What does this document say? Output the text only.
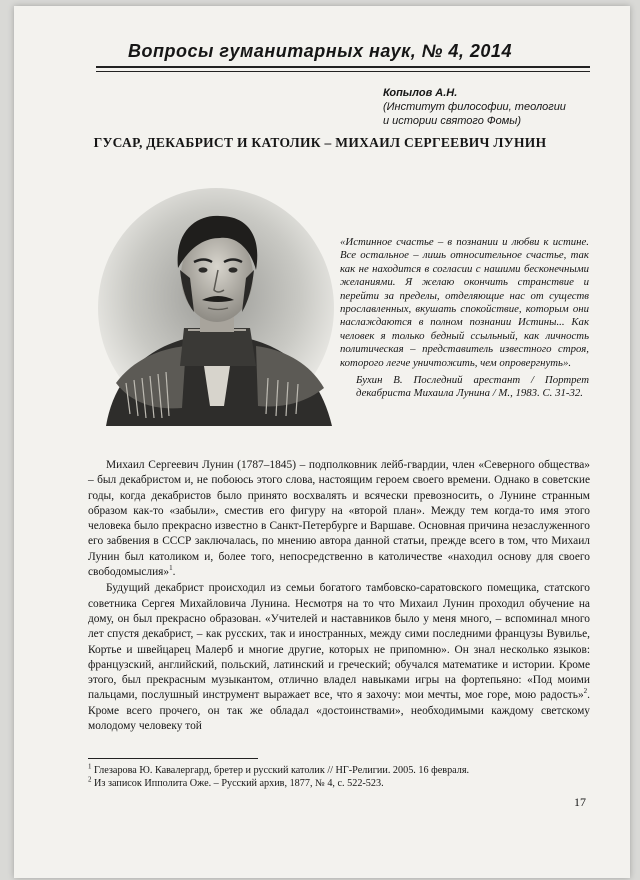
Вопросы гуманитарных наук, № 4, 2014
Копылов А.Н.
(Институт философии, теологии
и истории святого Фомы)
ГУСАР, ДЕКАБРИСТ И КАТОЛИК – МИХАИЛ СЕРГЕЕВИЧ ЛУНИН
«Истинное счастье – в познании и любви к истине. Все остальное – лишь относительное счастье, так как не находится в согласии с нашими бесконечными желаниями. Я желаю окончить странствие и перейти за пределы, отделяющие нас от существ прославленных, вкушать спокойствие, которым они наслаждаются в полном познании Истины... Как человек я только бедный ссыльный, как личность политическая – представитель известного строя, которого легче уничтожить, чем опровергнуть».
Бухин В. Последний арестант / Портрет декабриста Михаила Лунина / М., 1983. С. 31-32.

Михаил Сергеевич Лунин (1787–1845) – подполковник лейб-гвардии, член «Северного общества» – был декабристом и, не побоюсь этого слова, настоящим героем своего времени. Однако в советские годы, когда декабристов было принято восхвалять и всячески превозносить, о Лунине странным образом как-то «забыли», сместив его фигуру на «второй план». Между тем когда-то имя этого человека было прекрасно известно в Санкт-Петербурге и Варшаве. Основная причина незаслуженного его забвения в СССР заключалась, по мнению автора данной статьи, прежде всего в том, что Михаил Лунин был католиком и, более того, непосредственно в католичестве «находил основу для своего свободомыслия»$^1$.

Будущий декабрист происходил из семьи богатого тамбовско-саратовского помещика, статского советника Сергея Михайловича Лунина. Несмотря на то что Михаил Лунин проходил обучение на дому, он был прекрасно образован. «Учителей и наставников было у меня много, – вспоминал много лет спустя декабрист, – как русских, так и иностранных, между сими последними французы Вувильe, Кортье и швейцарец Малерб и многие другие, которых не припомню». Он знал несколько языков: французский, английский, польский, латинский и греческий; обучался математике и истории. Кроме этого, был прекрасным музыкантом, отлично владел навыками игры на фортепьяно: «Под моими пальцами, послушный инструмент выражает все, что я захочу: мои мечты, мое горе, мою радость»$^2$. Кроме всего прочего, он так же обладал «достоинствами», необходимыми каждому светскому молодому человеку той

$^1$ Глезарова Ю. Кавалергард, бретер и русский католик // НГ-Религии. 2005. 16 февраля.
$^2$ Из записок Ипполита Оже. – Русский архив, 1877, № 4, с. 522-523.
17
